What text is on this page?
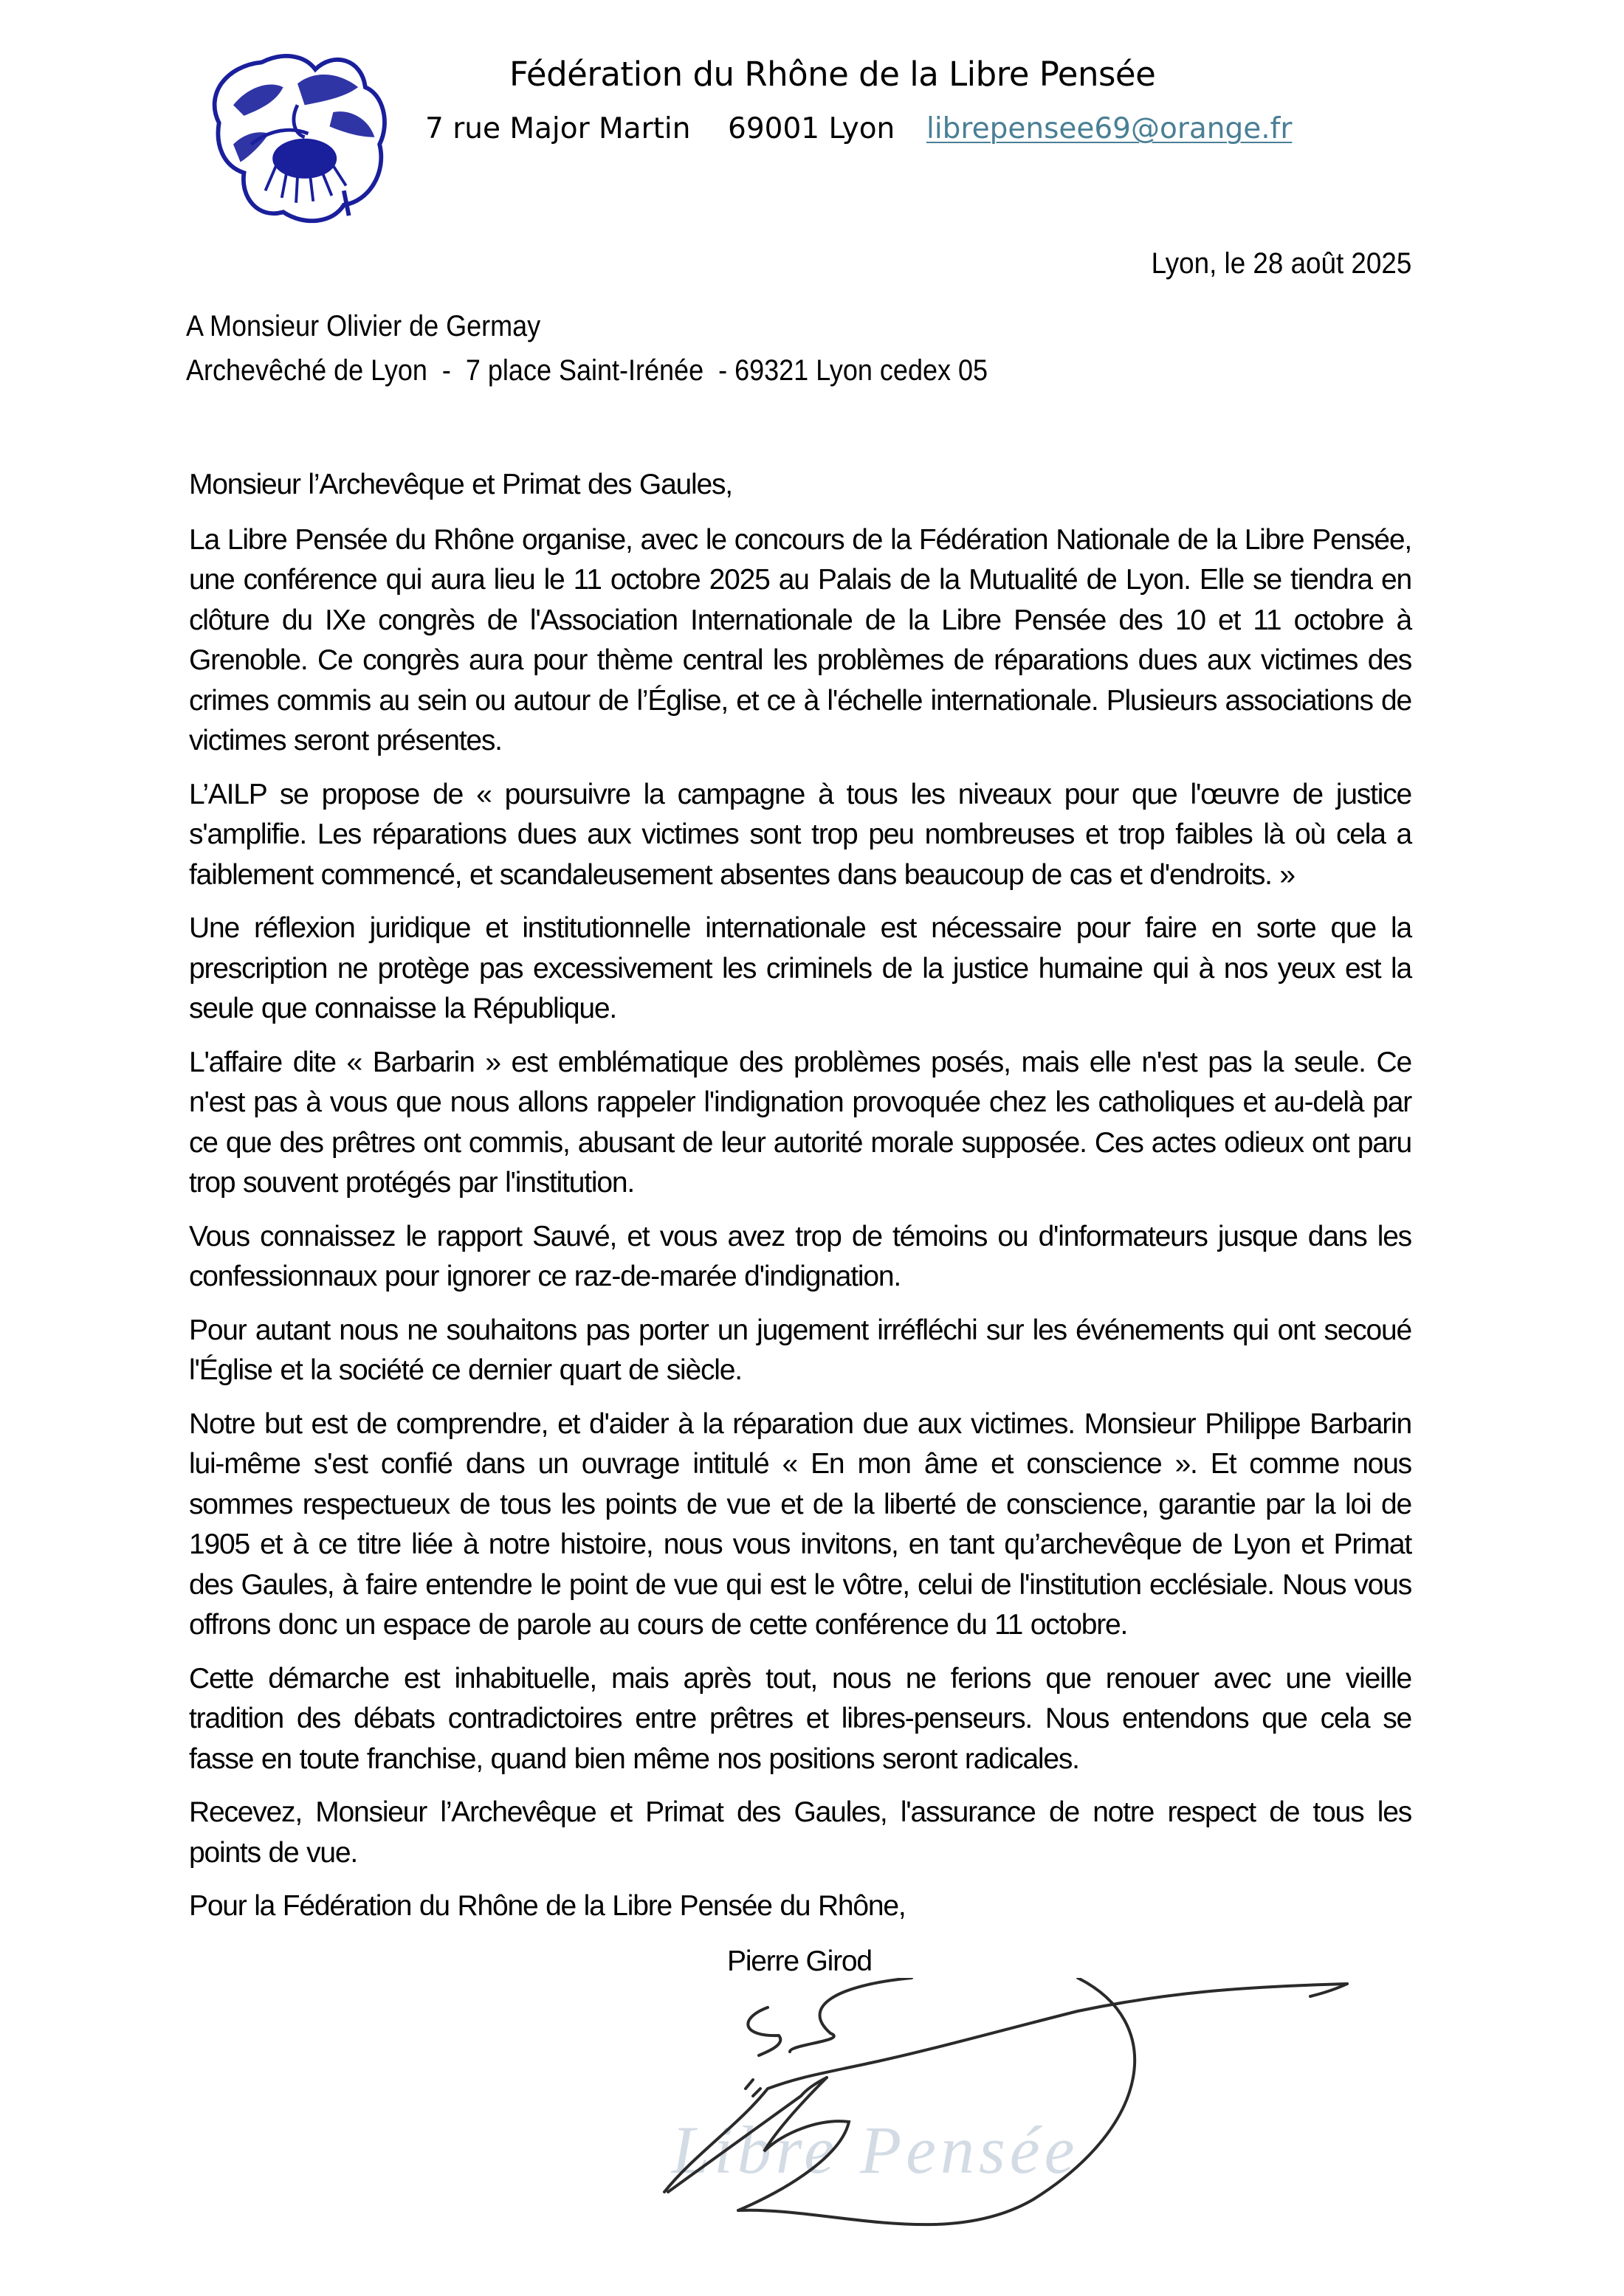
Fédération du Rhône de la Libre Pensée
7 rue Major Martin 69001 Lyon librepensee69@orange.fr
Lyon, le 28 août 2025
A Monsieur Olivier de Germay
Archevêché de Lyon  -  7 place Saint-Irénée  - 69321 Lyon cedex 05

Monsieur l’Archevêque et Primat des Gaules,

La Libre Pensée du Rhône organise, avec le concours de la Fédération Nationale de la Libre Pensée, une conférence qui aura lieu le 11 octobre 2025 au Palais de la Mutualité de Lyon. Elle se tiendra en clôture du IXe congrès de l'Association Internationale de la Libre Pensée des 10 et 11 octobre à Grenoble. Ce congrès aura pour thème central les problèmes de réparations dues aux victimes des crimes commis au sein ou autour de l’Église, et ce à l'échelle internationale. Plusieurs associations de victimes seront présentes.

L’AILP se propose de « poursuivre la campagne à tous les niveaux pour que l'œuvre de justice s'amplifie. Les réparations dues aux victimes sont trop peu nombreuses et trop faibles là où cela a faiblement commencé, et scandaleusement absentes dans beaucoup de cas et d'endroits. »

Une réflexion juridique et institutionnelle internationale est nécessaire pour faire en sorte que la prescription ne protège pas excessivement les criminels de la justice humaine qui à nos yeux est la seule que connaisse la République.

L'affaire dite « Barbarin » est emblématique des problèmes posés, mais elle n'est pas la seule. Ce n'est pas à vous que nous allons rappeler l'indignation provoquée chez les catholiques et au-delà par ce que des prêtres ont commis, abusant de leur autorité morale supposée. Ces actes odieux ont paru trop souvent protégés par l'institution.

Vous connaissez le rapport Sauvé, et vous avez trop de témoins ou d'informateurs jusque dans les confessionnaux pour ignorer ce raz-de-marée d'indignation.

Pour autant nous ne souhaitons pas porter un jugement irréfléchi sur les événements qui ont secoué l'Église et la société ce dernier quart de siècle.

Notre but est de comprendre, et d'aider à la réparation due aux victimes. Monsieur Philippe Barbarin lui-même s'est confié dans un ouvrage intitulé « En mon âme et conscience ». Et comme nous sommes respectueux de tous les points de vue et de la liberté de conscience, garantie par la loi de 1905 et à ce titre liée à notre histoire, nous vous invitons, en tant qu’archevêque de Lyon et Primat des Gaules, à faire entendre le point de vue qui est le vôtre, celui de l'institution ecclésiale. Nous vous offrons donc un espace de parole au cours de cette conférence du 11 octobre.

Cette démarche est inhabituelle, mais après tout, nous ne ferions que renouer avec une vieille tradition des débats contradictoires entre prêtres et libres-penseurs. Nous entendons que cela se fasse en toute franchise, quand bien même nos positions seront radicales.

Recevez, Monsieur l’Archevêque et Primat des Gaules, l'assurance de notre respect de tous les points de vue.

Pour la Fédération du Rhône de la Libre Pensée du Rhône,

Pierre Girod
Libre Pensée
